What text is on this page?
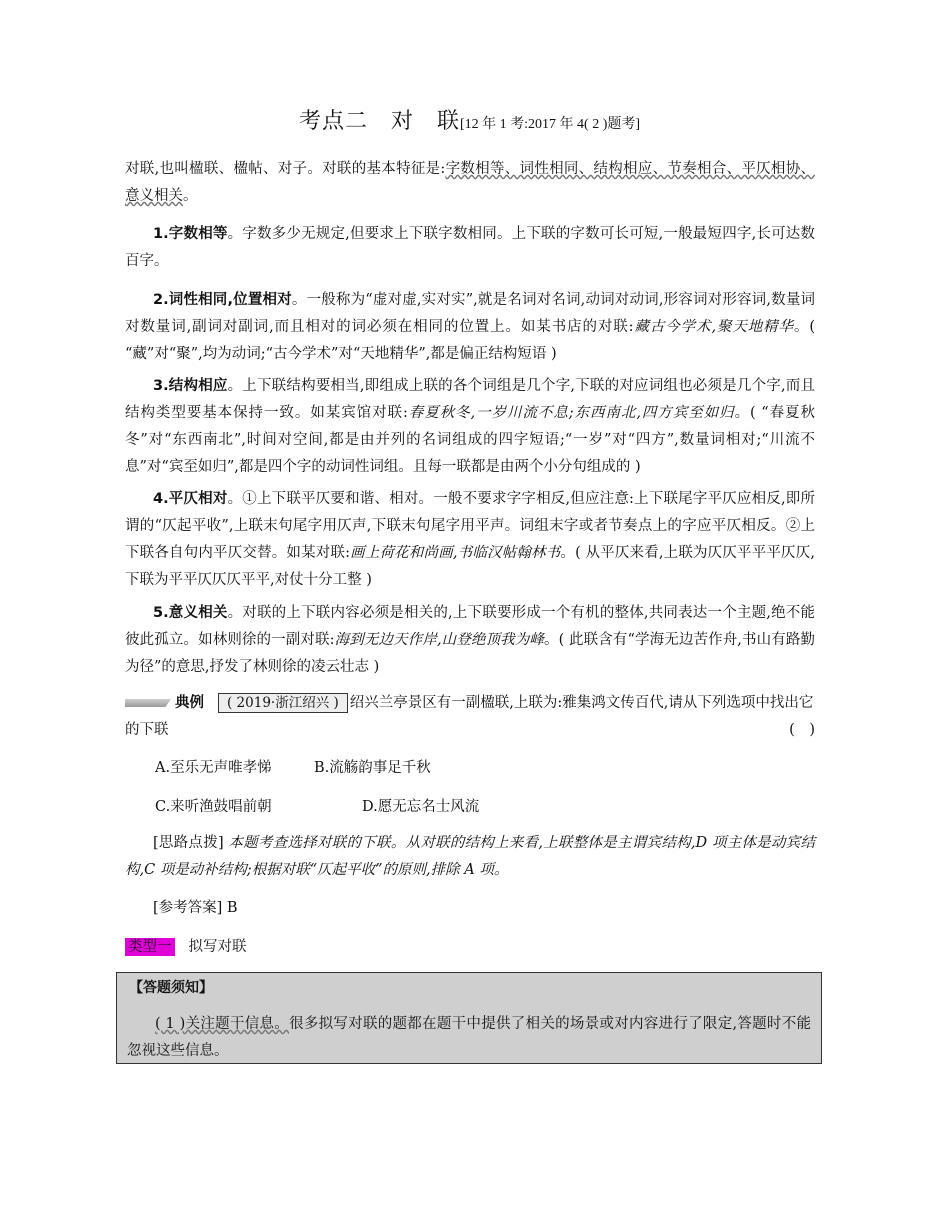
考点二　对　联[12 年 1 考:2017 年 4( 2 )题考]
对联,也叫楹联、楹帖、对子。对联的基本特征是:字数相等、词性相同、结构相应、节奏相合、平仄相协、意义相关。
1.字数相等。字数多少无规定,但要求上下联字数相同。上下联的字数可长可短,一般最短四字,长可达数百字。
2.词性相同,位置相对。一般称为“虚对虚,实对实”,就是名词对名词,动词对动词,形容词对形容词,数量词对数量词,副词对副词,而且相对的词必须在相同的位置上。如某书店的对联:藏古今学术,聚天地精华。( “藏”对“聚”,均为动词;“古今学术”对“天地精华”,都是偏正结构短语 )
3.结构相应。上下联结构要相当,即组成上联的各个词组是几个字,下联的对应词组也必须是几个字,而且结构类型要基本保持一致。如某宾馆对联:春夏秋冬,一岁川流不息;东西南北,四方宾至如归。( “春夏秋冬”对“东西南北”,时间对空间,都是由并列的名词组成的四字短语;“一岁”对“四方”,数量词相对;“川流不息”对“宾至如归”,都是四个字的动词性词组。且每一联都是由两个小分句组成的 )
4.平仄相对。①上下联平仄要和谐、相对。一般不要求字字相反,但应注意:上下联尾字平仄应相反,即所谓的“仄起平收”,上联末句尾字用仄声,下联末句尾字用平声。词组末字或者节奏点上的字应平仄相反。②上下联各自句内平仄交替。如某对联:画上荷花和尚画,书临汉帖翰林书。( 从平仄来看,上联为仄仄平平平仄仄,下联为平平仄仄仄平平,对仗十分工整 )
5.意义相关。对联的上下联内容必须是相关的,上下联要形成一个有机的整体,共同表达一个主题,绝不能彼此孤立。如林则徐的一副对联:海到无边天作岸,山登绝顶我为峰。( 此联含有“学海无边苦作舟,书山有路勤为径”的意思,抒发了林则徐的凌云壮志 )
典例 ( 2019·浙江绍兴 ) 绍兴兰亭景区有一副楹联,上联为:雅集鸿文传百代,请从下列选项中找出它的下联	(　)
A.至乐无声唯孝悌	B.流觞韵事足千秋
C.来听渔鼓唱前朝	D.愿无忘名士风流
[思路点拨] 本题考查选择对联的下联。从对联的结构上来看,上联整体是主谓宾结构,D 项主体是动宾结构,C 项是动补结构;根据对联“仄起平收”的原则,排除 A 项。
[参考答案] B
类型一 拟写对联
【答题须知】
( 1 )关注题干信息。很多拟写对联的题都在题干中提供了相关的场景或对内容进行了限定,答题时不能忽视这些信息。
